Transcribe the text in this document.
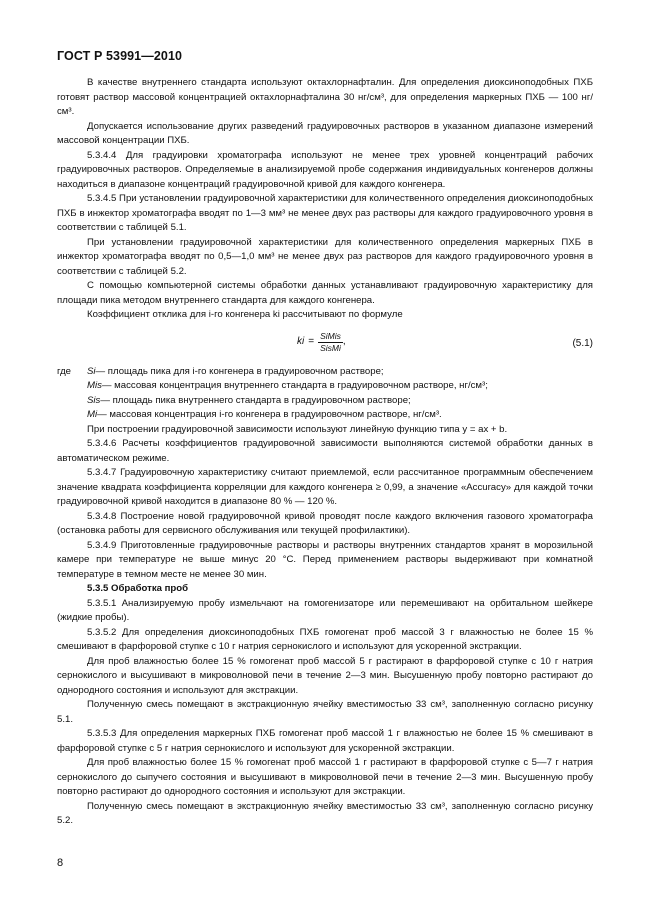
ГОСТ Р 53991—2010

В качестве внутреннего стандарта используют октахлорнафталин. Для определения диоксиноподобных ПХБ готовят раствор массовой концентрацией октахлорнафталина 30 нг/см³, для определения маркерных ПХБ — 100 нг/см³.

Допускается использование других разведений градуировочных растворов в указанном диапазоне измерений массовой концентрации ПХБ.

5.3.4.4 Для градуировки хроматографа используют не менее трех уровней концентраций рабочих градуировочных растворов. Определяемые в анализируемой пробе содержания индивидуальных конгенеров должны находиться в диапазоне концентраций градуировочной кривой для каждого конгенера.

5.3.4.5 При установлении градуировочной характеристики для количественного определения диоксиноподобных ПХБ в инжектор хроматографа вводят по 1—3 мм³ не менее двух раз растворы для каждого градуировочного уровня в соответствии с таблицей 5.1.

При установлении градуировочной характеристики для количественного определения маркерных ПХБ в инжектор хроматографа вводят по 0,5—1,0 мм³ не менее двух раз растворов для каждого градуировочного уровня в соответствии с таблицей 5.2.

С помощью компьютерной системы обработки данных устанавливают градуировочную характеристику для площади пика методом внутреннего стандарта для каждого конгенера.

Коэффициент отклика для i-го конгенера ki рассчитывают по формуле

ki = $\frac{\text{SiMis}}{\text{SisMi}}$ ,	(5.1)
где	Si — площадь пика для i-го конгенера в градуировочном растворе;
Mis — массовая концентрация внутреннего стандарта в градуировочном растворе, нг/см³;
Sis — площадь пика внутреннего стандарта в градуировочном растворе;
Mi — массовая концентрация i-го конгенера в градуировочном растворе, нг/см³.

При построении градуировочной зависимости используют линейную функцию типа y = ax + b.

5.3.4.6 Расчеты коэффициентов градуировочной зависимости выполняются системой обработки данных в автоматическом режиме.

5.3.4.7 Градуировочную характеристику считают приемлемой, если рассчитанное программным обеспечением значение квадрата коэффициента корреляции для каждого конгенера ≥ 0,99, а значение «Accuracy» для каждой точки градуировочной кривой находится в диапазоне 80 % — 120 %.

5.3.4.8 Построение новой градуировочной кривой проводят после каждого включения газового хроматографа (остановка работы для сервисного обслуживания или текущей профилактики).

5.3.4.9 Приготовленные градуировочные растворы и растворы внутренних стандартов хранят в морозильной камере при температуре не выше минус 20 °С. Перед применением растворы выдерживают при комнатной температуре в темном месте не менее 30 мин.

5.3.5 Обработка проб

5.3.5.1 Анализируемую пробу измельчают на гомогенизаторе или перемешивают на орбитальном шейкере (жидкие пробы).

5.3.5.2 Для определения диоксиноподобных ПХБ гомогенат проб массой 3 г влажностью не более 15 % смешивают в фарфоровой ступке с 10 г натрия сернокислого и используют для ускоренной экстракции.

Для проб влажностью более 15 % гомогенат проб массой 5 г растирают в фарфоровой ступке с 10 г натрия сернокислого и высушивают в микроволновой печи в течение 2—3 мин. Высушенную пробу повторно растирают до однородного состояния и используют для экстракции.

Полученную смесь помещают в экстракционную ячейку вместимостью 33 см³, заполненную согласно рисунку 5.1.

5.3.5.3 Для определения маркерных ПХБ гомогенат проб массой 1 г влажностью не более 15 % смешивают в фарфоровой ступке с 5 г натрия сернокислого и используют для ускоренной экстракции.

Для проб влажностью более 15 % гомогенат проб массой 1 г растирают в фарфоровой ступке с 5—7 г натрия сернокислого до сыпучего состояния и высушивают в микроволновой печи в течение 2—3 мин. Высушенную пробу повторно растирают до однородного состояния и используют для экстракции.

Полученную смесь помещают в экстракционную ячейку вместимостью 33 см³, заполненную согласно рисунку 5.2.

8
